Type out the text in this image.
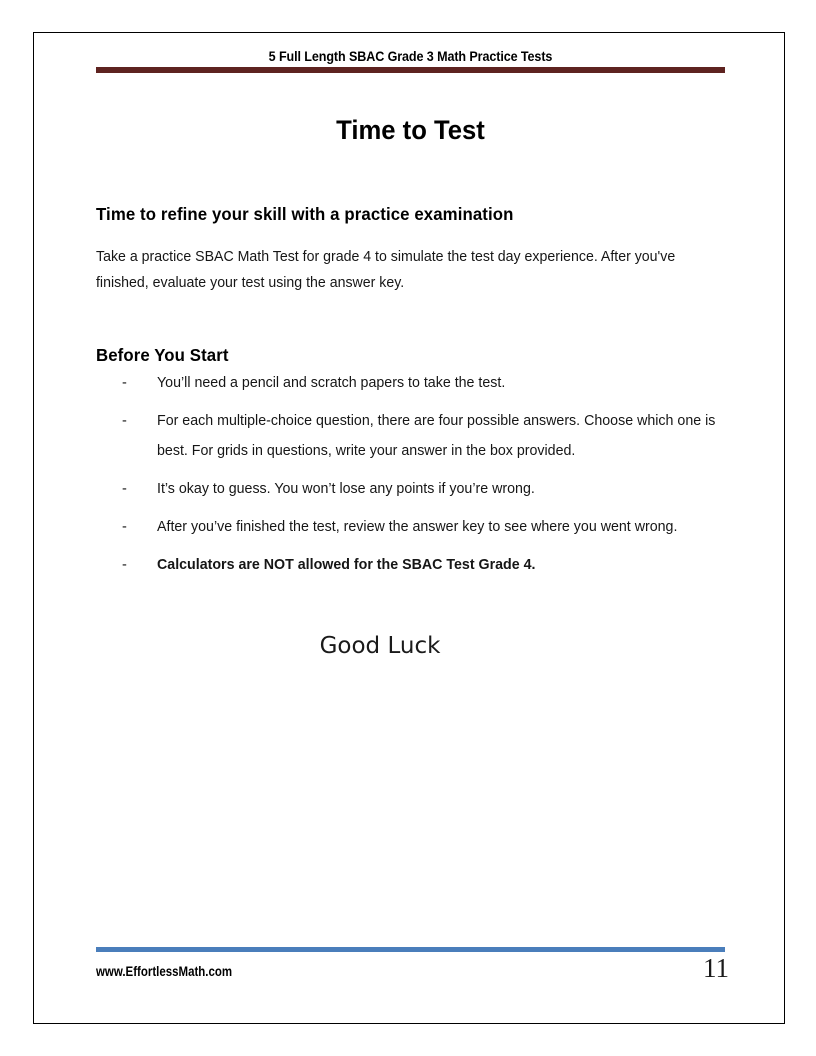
5 Full Length SBAC Grade 3 Math Practice Tests
Time to Test
Time to refine your skill with a practice examination

Take a practice SBAC Math Test for grade 4 to simulate the test day experience. After you've finished, evaluate your test using the answer key.

Before You Start
- You’ll need a pencil and scratch papers to take the test.
- For each multiple-choice question, there are four possible answers. Choose which one is best. For grids in questions, write your answer in the box provided.
- It’s okay to guess. You won’t lose any points if you’re wrong.
- After you’ve finished the test, review the answer key to see where you went wrong.
- Calculators are NOT allowed for the SBAC Test Grade 4.
Good Luck
www.EffortlessMath.com	11
